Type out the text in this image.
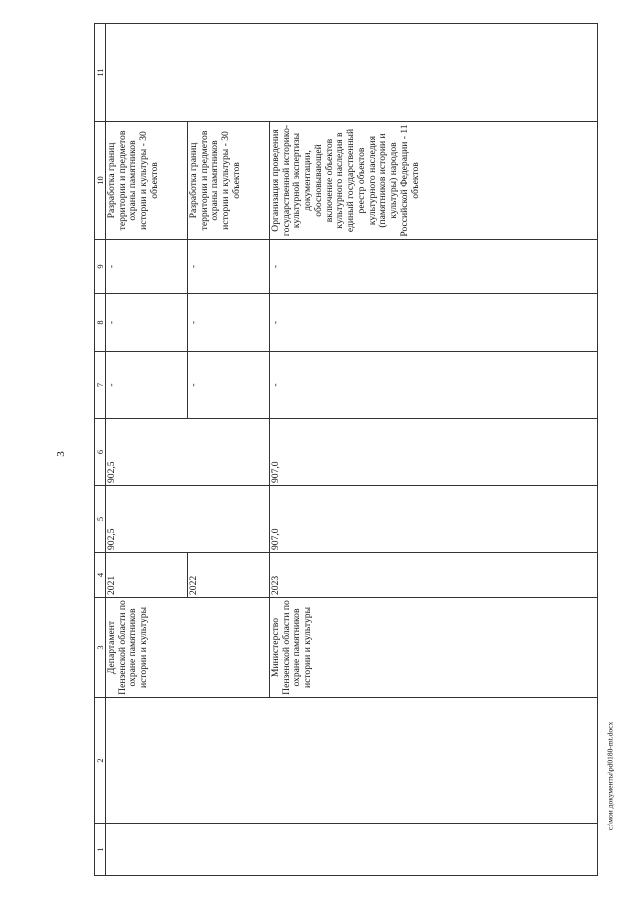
3
1	2	3	4	5	6	7	8	9	10	11
		Департамент Пензенской области по охране памятников истории и культуры	2021	902,5	902,5	-	-	-	Разработка границ территории и предметов охраны памятников истории и культуры - 30 объектов	
			2022			-	-	-	Разработка границ территории и предметов охраны памятников истории и культуры - 30 объектов	
		Министерство Пензенской области по охране памятников истории и культуры	2023	907,0	907,0	-	-	-	Организация проведения государственной историко-культурной экспертизы документации, обосновывающей включение объектов культурного наследия в единый государственный реестр объектов культурного наследия (памятников истории и культуры) народов Российской Федерации - 11 объектов	
c:\мои документы\pd0180-mt.docx
